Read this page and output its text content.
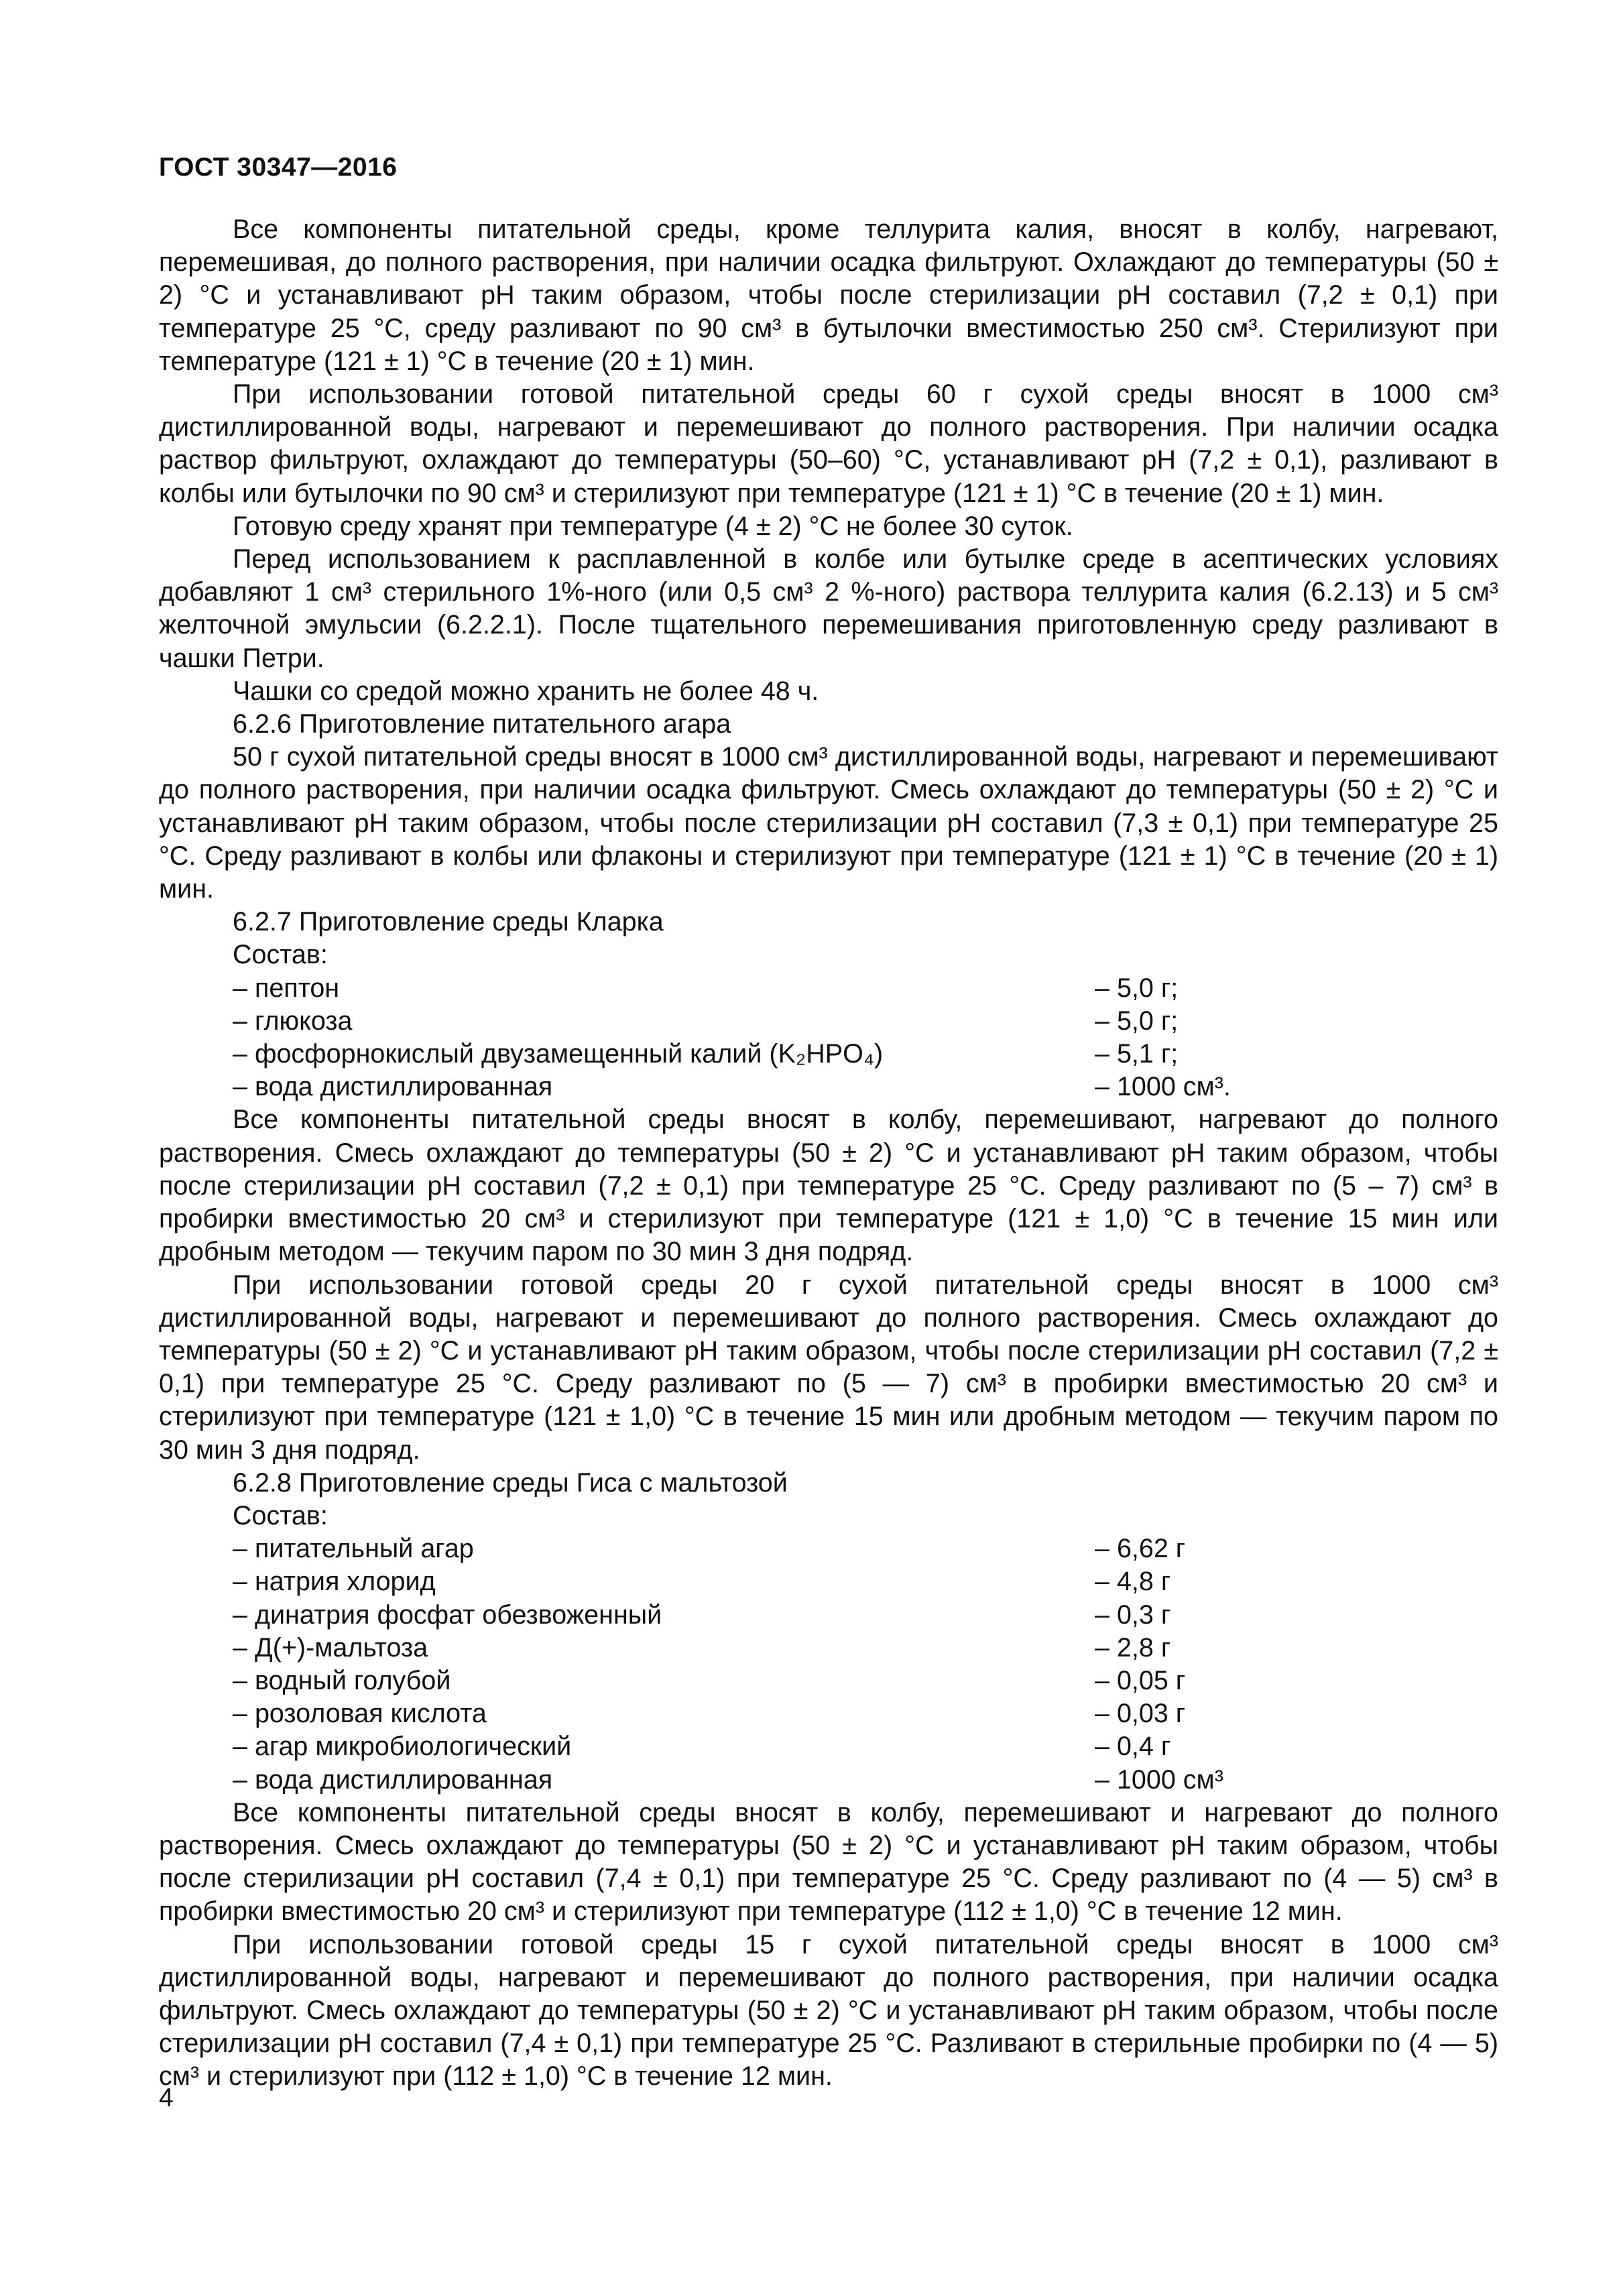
ГОСТ 30347—2016

Все компоненты питательной среды, кроме теллурита калия, вносят в колбу, нагревают, перемешивая, до полного растворения, при наличии осадка фильтруют. Охлаждают до температуры (50 ± 2) °С и устанавливают pH таким образом, чтобы после стерилизации pH составил (7,2 ± 0,1) при температуре 25 °С, среду разливают по 90 см³ в бутылочки вместимостью 250 см³. Стерилизуют при температуре (121 ± 1) °С в течение (20 ± 1) мин.

При использовании готовой питательной среды 60 г сухой среды вносят в 1000 см³ дистиллированной воды, нагревают и перемешивают до полного растворения. При наличии осадка раствор фильтруют, охлаждают до температуры (50–60) °С, устанавливают pH (7,2 ± 0,1), разливают в колбы или бутылочки по 90 см³ и стерилизуют при температуре (121 ± 1) °С в течение (20 ± 1) мин.

Готовую среду хранят при температуре (4 ± 2) °С не более 30 суток.

Перед использованием к расплавленной в колбе или бутылке среде в асептических условиях добавляют 1 см³ стерильного 1%-ного (или 0,5 см³ 2 %-ного) раствора теллурита калия (6.2.13) и 5 см³ желточной эмульсии (6.2.2.1). После тщательного перемешивания приготовленную среду разливают в чашки Петри.

Чашки со средой можно хранить не более 48 ч.

6.2.6 Приготовление питательного агара

50 г сухой питательной среды вносят в 1000 см³ дистиллированной воды, нагревают и перемешивают до полного растворения, при наличии осадка фильтруют. Смесь охлаждают до температуры (50 ± 2) °С и устанавливают pH таким образом, чтобы после стерилизации pH составил (7,3 ± 0,1) при температуре 25 °С. Среду разливают в колбы или флаконы и стерилизуют при температуре (121 ± 1) °С в течение (20 ± 1) мин.

6.2.7 Приготовление среды Кларка

Состав:

– пептон	– 5,0 г;
– глюкоза	– 5,0 г;
– фосфорнокислый двузамещенный калий (K₂HPO₄)	– 5,1 г;
– вода дистиллированная	– 1000 см³.

Все компоненты питательной среды вносят в колбу, перемешивают, нагревают до полного растворения. Смесь охлаждают до температуры (50 ± 2) °С и устанавливают pH таким образом, чтобы после стерилизации pH составил (7,2 ± 0,1) при температуре 25 °С. Среду разливают по (5 – 7) см³ в пробирки вместимостью 20 см³ и стерилизуют при температуре (121 ± 1,0) °С в течение 15 мин или дробным методом — текучим паром по 30 мин 3 дня подряд.

При использовании готовой среды 20 г сухой питательной среды вносят в 1000 см³ дистиллированной воды, нагревают и перемешивают до полного растворения. Смесь охлаждают до температуры (50 ± 2) °С и устанавливают pH таким образом, чтобы после стерилизации pH составил (7,2 ± 0,1) при температуре 25 °С. Среду разливают по (5 — 7) см³ в пробирки вместимостью 20 см³ и стерилизуют при температуре (121 ± 1,0) °С в течение 15 мин или дробным методом — текучим паром по 30 мин 3 дня подряд.

6.2.8 Приготовление среды Гиса с мальтозой

Состав:

– питательный агар	– 6,62 г
– натрия хлорид	– 4,8 г
– динатрия фосфат обезвоженный	– 0,3 г
– Д(+)-мальтоза	– 2,8 г
– водный голубой	– 0,05 г
– розоловая кислота	– 0,03 г
– агар микробиологический	– 0,4 г
– вода дистиллированная	– 1000 см³

Все компоненты питательной среды вносят в колбу, перемешивают и нагревают до полного растворения. Смесь охлаждают до температуры (50 ± 2) °С и устанавливают pH таким образом, чтобы после стерилизации pH составил (7,4 ± 0,1) при температуре 25 °С. Среду разливают по (4 — 5) см³ в пробирки вместимостью 20 см³ и стерилизуют при температуре (112 ± 1,0) °С в течение 12 мин.

При использовании готовой среды 15 г сухой питательной среды вносят в 1000 см³ дистиллированной воды, нагревают и перемешивают до полного растворения, при наличии осадка фильтруют. Смесь охлаждают до температуры (50 ± 2) °С и устанавливают pH таким образом, чтобы после стерилизации pH составил (7,4 ± 0,1) при температуре 25 °С. Разливают в стерильные пробирки по (4 — 5) см³ и стерилизуют при (112 ± 1,0) °С в течение 12 мин.

4
